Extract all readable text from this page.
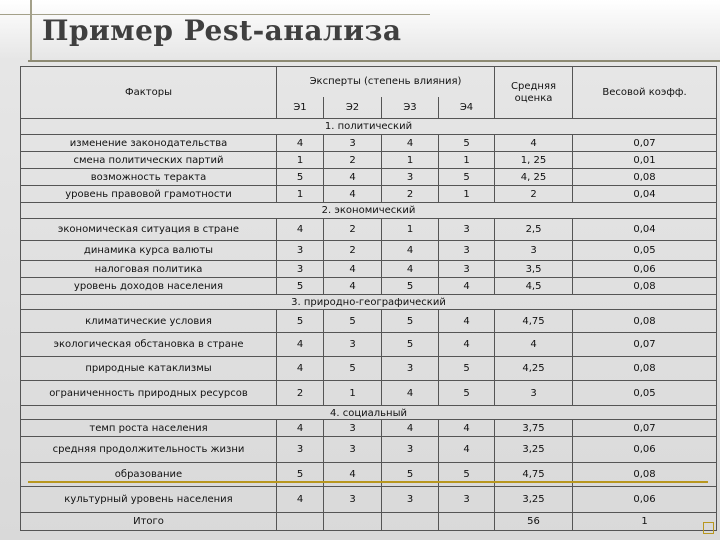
Пример Pest-анализа
Факторы	Эксперты (степень влияния)				Средняя оценка	Весовой коэфф.
	Э1	Э2	Э3	Э4		
1. политический						
изменение законодательства	4	3	4	5	4	0,07
смена политических партий	1	2	1	1	1, 25	0,01
возможность теракта	5	4	3	5	4, 25	0,08
уровень правовой грамотности	1	4	2	1	2	0,04
2. экономический						
экономическая ситуация в стране	4	2	1	3	2,5	0,04
динамика курса валюты	3	2	4	3	3	0,05
налоговая политика	3	4	4	3	3,5	0,06
уровень доходов населения	5	4	5	4	4,5	0,08
3. природно-географический						
климатические условия	5	5	5	4	4,75	0,08
экологическая обстановка в стране	4	3	5	4	4	0,07
природные катаклизмы	4	5	3	5	4,25	0,08
ограниченность природных ресурсов	2	1	4	5	3	0,05
4. социальный						
темп роста населения	4	3	4	4	3,75	0,07
средняя продолжительность жизни	3	3	3	4	3,25	0,06
образование	5	4	5	5	4,75	0,08
культурный уровень населения	4	3	3	3	3,25	0,06
Итого					56	1
